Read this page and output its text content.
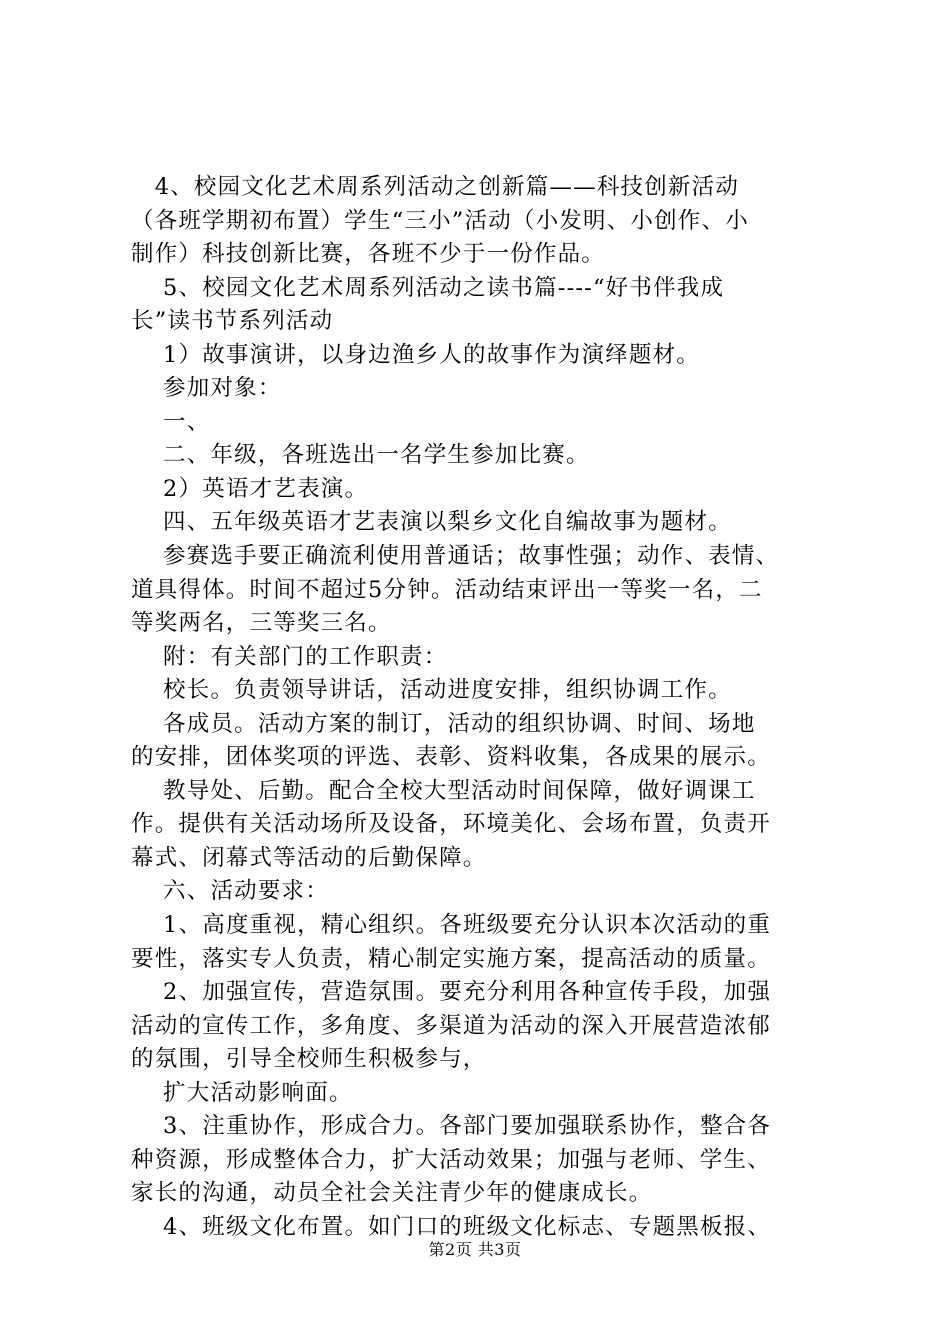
　4、校园文化艺术周系列活动之创新篇——科技创新活动
（各班学期初布置）学生“三小”活动（小发明、小创作、小
制作）科技创新比赛，各班不少于一份作品。
　 5、校园文化艺术周系列活动之读书篇----“好书伴我成
长”读书节系列活动
　 1）故事演讲，以身边渔乡人的故事作为演绎题材。
　 参加对象：
　 一、
　 二、年级，各班选出一名学生参加比赛。
　 2）英语才艺表演。
　 四、五年级英语才艺表演以梨乡文化自编故事为题材。
　 参赛选手要正确流利使用普通话；故事性强；动作、表情、
道具得体。时间不超过5分钟。活动结束评出一等奖一名，二
等奖两名，三等奖三名。
　 附：有关部门的工作职责：
　 校长。负责领导讲话，活动进度安排，组织协调工作。
　 各成员。活动方案的制订，活动的组织协调、时间、场地
的安排，团体奖项的评选、表彰、资料收集，各成果的展示。
　 教导处、后勤。配合全校大型活动时间保障，做好调课工
作。提供有关活动场所及设备，环境美化、会场布置，负责开
幕式、闭幕式等活动的后勤保障。
　 六、活动要求：
　 1、高度重视，精心组织。各班级要充分认识本次活动的重
要性，落实专人负责，精心制定实施方案，提高活动的质量。
　 2、加强宣传，营造氛围。要充分利用各种宣传手段，加强
活动的宣传工作，多角度、多渠道为活动的深入开展营造浓郁
的氛围，引导全校师生积极参与，
　 扩大活动影响面。
　 3、注重协作，形成合力。各部门要加强联系协作，整合各
种资源，形成整体合力，扩大活动效果；加强与老师、学生、
家长的沟通，动员全社会关注青少年的健康成长。
　 4、班级文化布置。如门口的班级文化标志、专题黑板报、
第2页 共3页
